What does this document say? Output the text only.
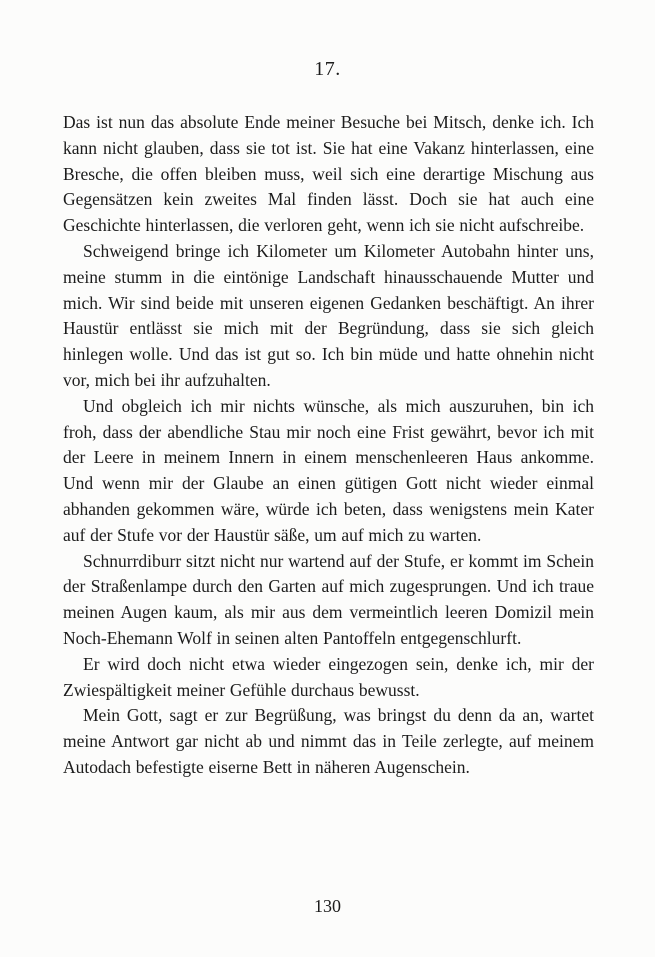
17.

Das ist nun das absolute Ende meiner Besuche bei Mitsch, denke ich. Ich kann nicht glauben, dass sie tot ist. Sie hat eine Vakanz hinterlassen, eine Bresche, die offen bleiben muss, weil sich eine derartige Mischung aus Gegensätzen kein zweites Mal finden lässt. Doch sie hat auch eine Geschichte hinterlassen, die verloren geht, wenn ich sie nicht aufschreibe.

Schweigend bringe ich Kilometer um Kilometer Autobahn hinter uns, meine stumm in die eintönige Landschaft hinausschauende Mutter und mich. Wir sind beide mit unseren eigenen Gedanken beschäftigt. An ihrer Haustür entlässt sie mich mit der Begründung, dass sie sich gleich hinlegen wolle. Und das ist gut so. Ich bin müde und hatte ohnehin nicht vor, mich bei ihr aufzuhalten.

Und obgleich ich mir nichts wünsche, als mich auszuruhen, bin ich froh, dass der abendliche Stau mir noch eine Frist gewährt, bevor ich mit der Leere in meinem Innern in einem menschenleeren Haus ankomme. Und wenn mir der Glaube an einen gütigen Gott nicht wieder einmal abhanden gekommen wäre, würde ich beten, dass wenigstens mein Kater auf der Stufe vor der Haustür säße, um auf mich zu warten.

Schnurrdiburr sitzt nicht nur wartend auf der Stufe, er kommt im Schein der Straßenlampe durch den Garten auf mich zugesprungen. Und ich traue meinen Augen kaum, als mir aus dem vermeintlich leeren Domizil mein Noch-Ehemann Wolf in seinen alten Pantoffeln entgegenschlurft.

Er wird doch nicht etwa wieder eingezogen sein, denke ich, mir der Zwiespältigkeit meiner Gefühle durchaus bewusst.

Mein Gott, sagt er zur Begrüßung, was bringst du denn da an, wartet meine Antwort gar nicht ab und nimmt das in Teile zerlegte, auf meinem Autodach befestigte eiserne Bett in näheren Augenschein.

130
